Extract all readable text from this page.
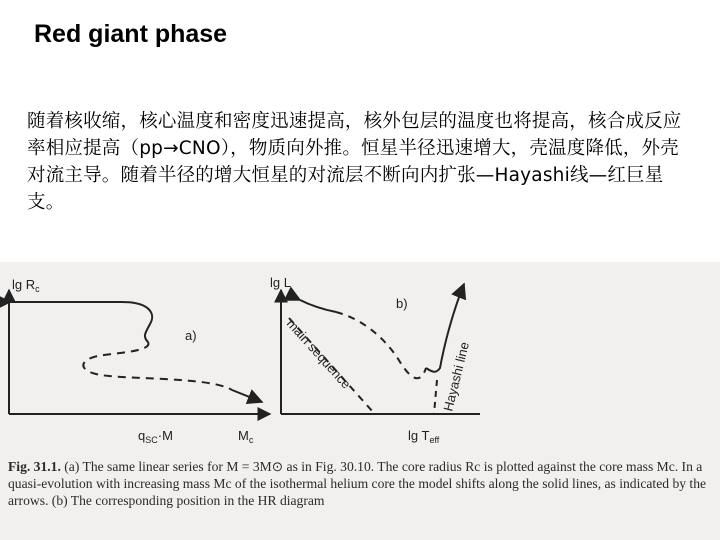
Red giant phase
随着核收缩，核心温度和密度迅速提高，核外包层的温度也将提高，核合成反应率相应提高（pp→CNO），物质向外推。恒星半径迅速增大，壳温度降低，外壳对流主导。随着半径的增大恒星的对流层不断向内扩张—Hayashi线—红巨星支。
$\lg R_c$
a)
$q_{SC}\cdot M$	$M_c$
lg L
b)
main sequence	Hayashi line
$\lg T_{eff}$
Fig. 31.1. (a) The same linear series for M = 3M⊙ as in Fig. 30.10. The core radius Rc is plotted against the core mass Mc. In a quasi-evolution with increasing mass Mc of the isothermal helium core the model shifts along the solid lines, as indicated by the arrows. (b) The corresponding position in the HR diagram
